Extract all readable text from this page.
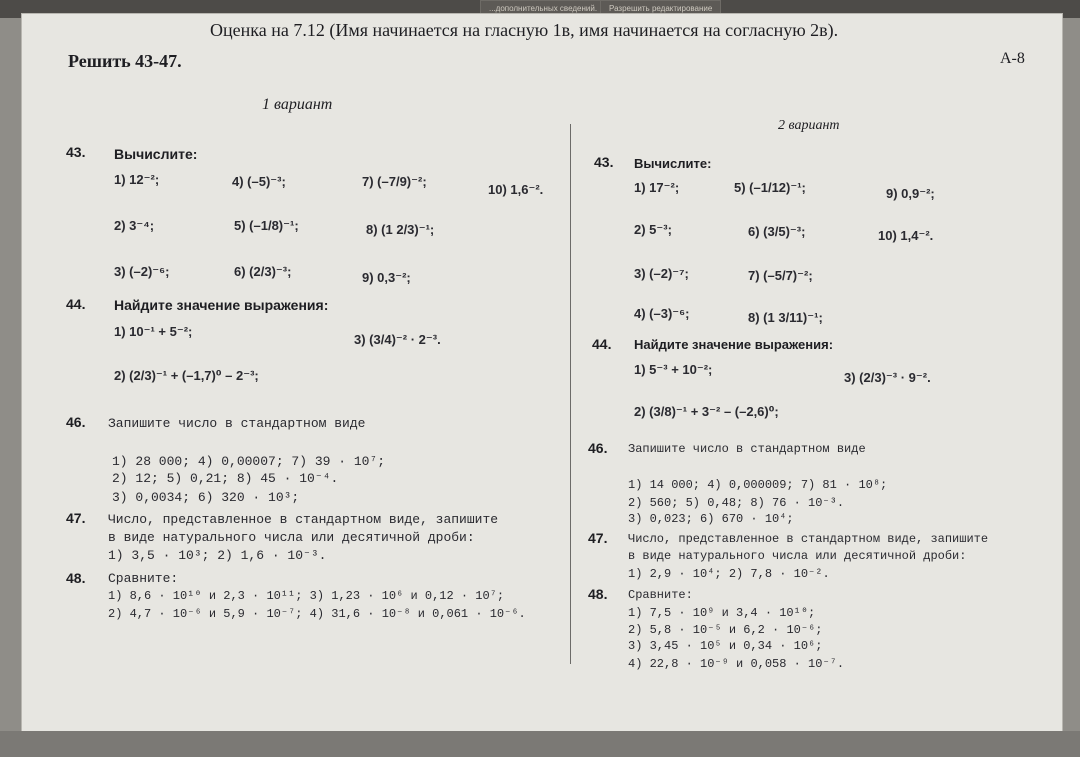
...дополнительных сведений.	Разрешить редактирование
Оценка на 7.12 (Имя начинается на гласную 1в, имя начинается на согласную 2в).
Решить 43-47.	А-8
1 вариант
43. Вычислите:
1) 12⁻²;	4) (–5)⁻³;	7) (–7/9)⁻²;
10) 1,6⁻².
2) 3⁻⁴;	5) (–1/8)⁻¹;	8) (1 2/3)⁻¹;
3) (–2)⁻⁶;	6) (2/3)⁻³;	9) 0,3⁻²;
44. Найдите значение выражения:
1) 10⁻¹ + 5⁻²;
3) (3/4)⁻² · 2⁻³.
2) (2/3)⁻¹ + (–1,7)⁰ – 2⁻³;
46. Запишите число в стандартном виде
1) 28 000; 4) 0,00007; 7) 39 · 10⁷;
2) 12; 5) 0,21; 8) 45 · 10⁻⁴.
3) 0,0034; 6) 320 · 10³;
47. Число, представленное в стандартном виде, запишите
в виде натурального числа или десятичной дроби:
1) 3,5 · 10³; 2) 1,6 · 10⁻³.
48. Сравните:
1) 8,6 · 10¹⁰ и 2,3 · 10¹¹; 3) 1,23 · 10⁶ и 0,12 · 10⁷;
2) 4,7 · 10⁻⁶ и 5,9 · 10⁻⁷; 4) 31,6 · 10⁻⁸ и 0,061 · 10⁻⁶.
2 вариант
43. Вычислите:
1) 17⁻²;	5) (–1/12)⁻¹;	9) 0,9⁻²;
2) 5⁻³;	6) (3/5)⁻³;	10) 1,4⁻².
3) (–2)⁻⁷;	7) (–5/7)⁻²;
4) (–3)⁻⁶;	8) (1 3/11)⁻¹;
44. Найдите значение выражения:
1) 5⁻³ + 10⁻²;
3) (2/3)⁻³ · 9⁻².
2) (3/8)⁻¹ + 3⁻² – (–2,6)⁰;
46. Запишите число в стандартном виде
1) 14 000; 4) 0,000009; 7) 81 · 10⁸;
2) 560; 5) 0,48; 8) 76 · 10⁻³.
3) 0,023; 6) 670 · 10⁴;
47. Число, представленное в стандартном виде, запишите
в виде натурального числа или десятичной дроби:
1) 2,9 · 10⁴; 2) 7,8 · 10⁻².
48. Сравните:
1) 7,5 · 10⁹ и 3,4 · 10¹⁰;
2) 5,8 · 10⁻⁵ и 6,2 · 10⁻⁶;
3) 3,45 · 10⁵ и 0,34 · 10⁶;
4) 22,8 · 10⁻⁹ и 0,058 · 10⁻⁷.
